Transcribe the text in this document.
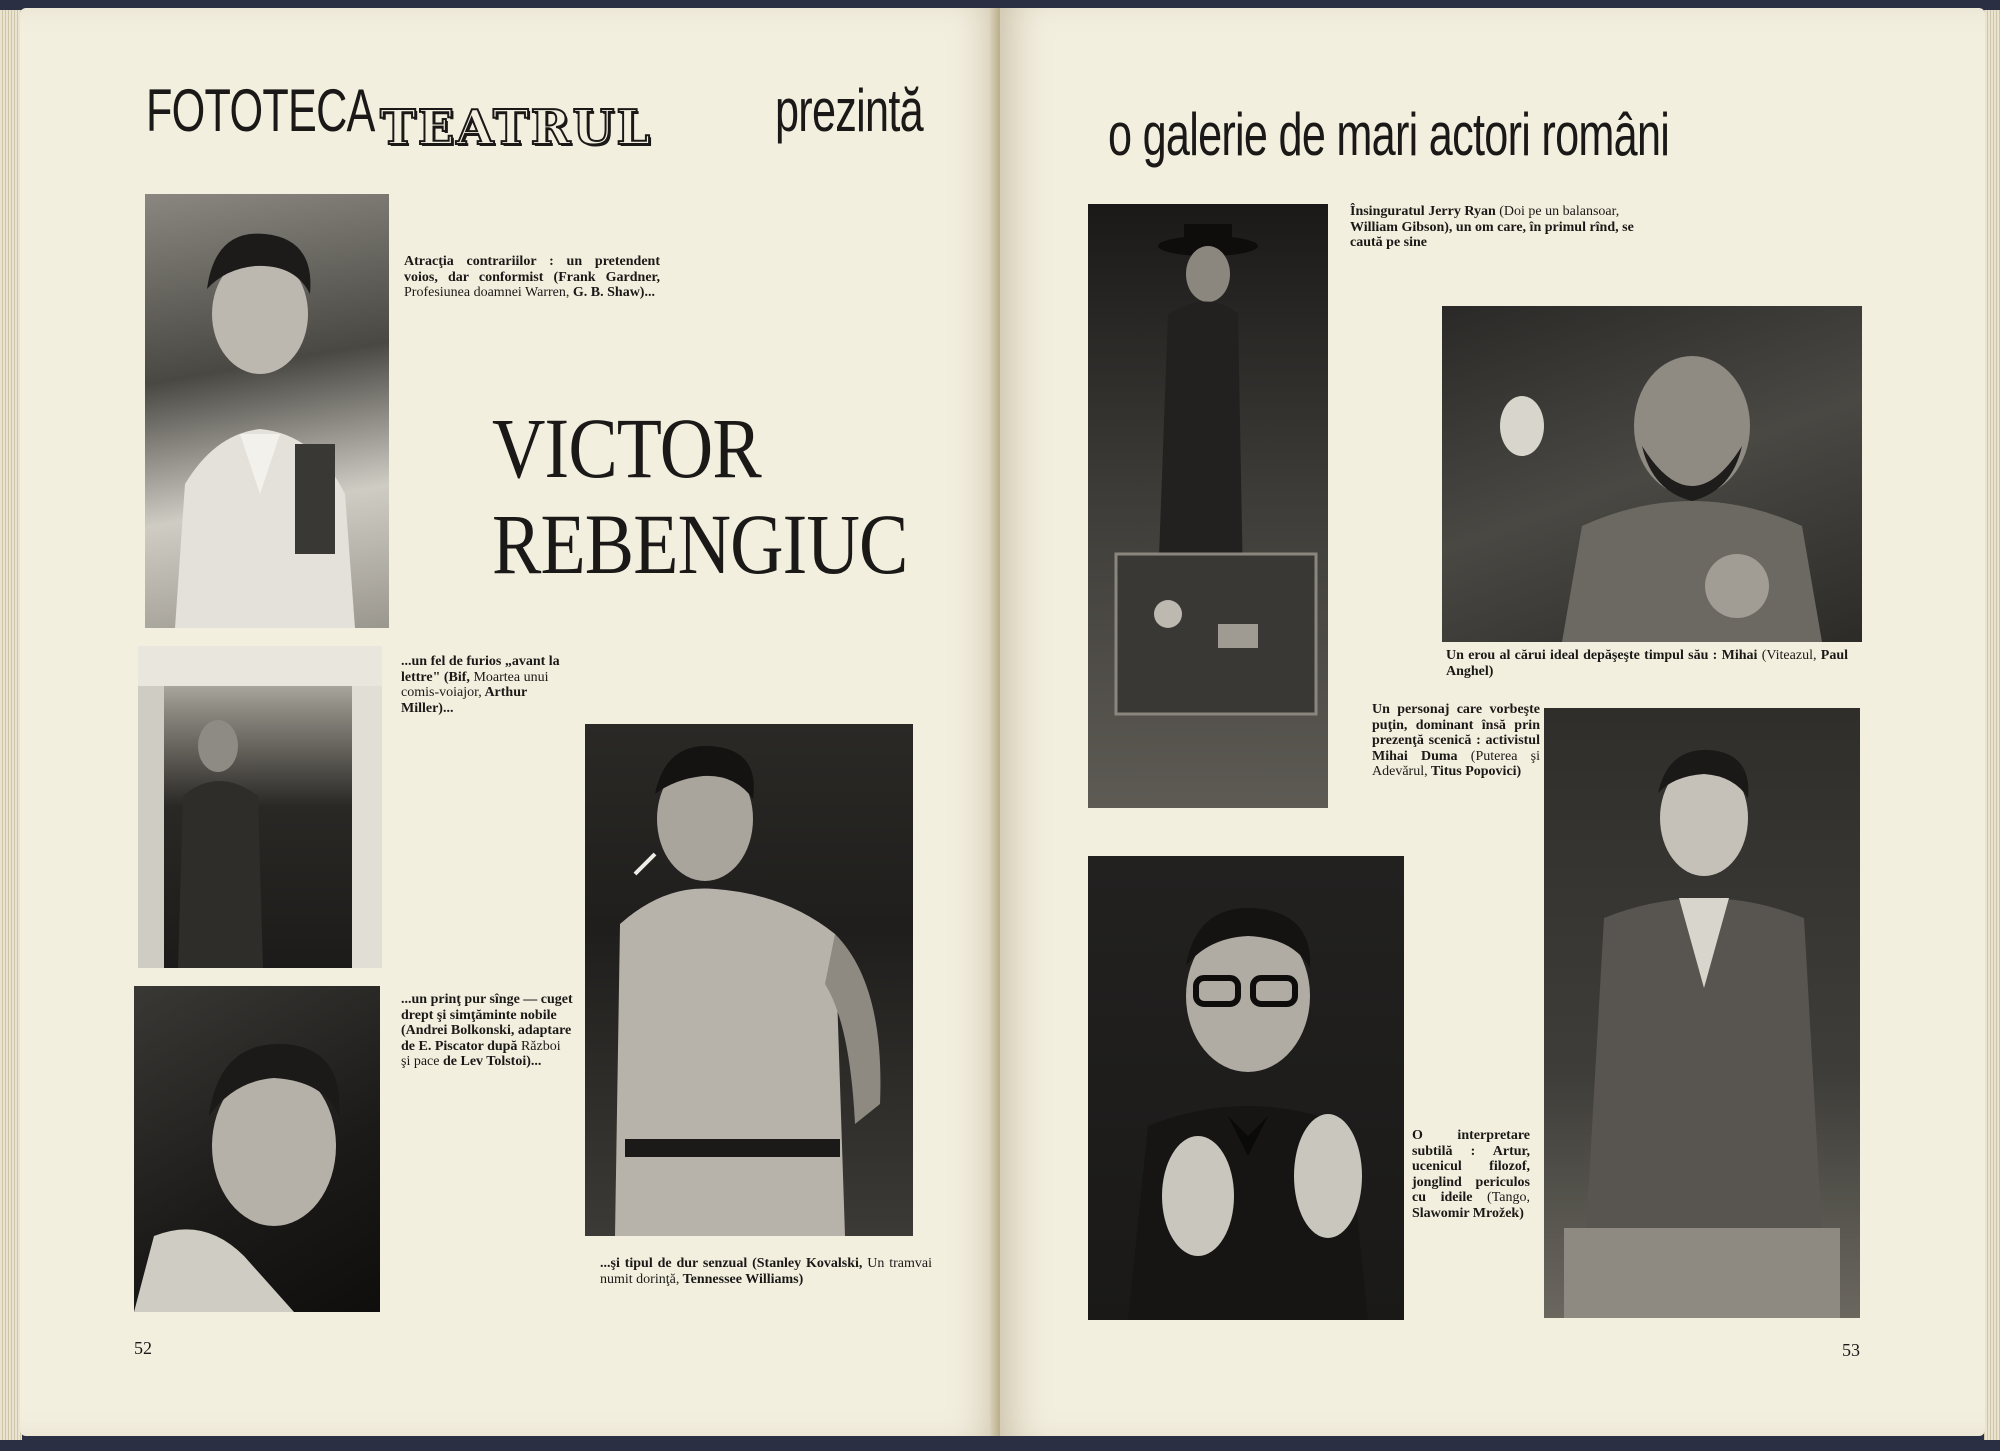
FOTOTECA TEATRUL prezintă
Atracţia contrariilor : un pretendent voios, dar conformist (Frank Gardner, Profesiunea doamnei Warren, G. B. Shaw)...
VICTOR
REBENGIUC
...un fel de furios „avant la lettre" (Bif, Moartea unui comis-voiajor, Arthur Miller)...
...un prinţ pur sînge — cuget drept şi simţăminte nobile (Andrei Bolkonski, adaptare de E. Piscator după Război şi pace de Lev Tolstoi)...
...şi tipul de dur senzual (Stanley Kovalski, Un tramvai numit dorinţă, Tennessee Williams)
52
o galerie de mari actori români
Însinguratul Jerry Ryan (Doi pe un balansoar, William Gibson), un om care, în primul rînd, se caută pe sine
Un erou al cărui ideal depăşeşte timpul său : Mihai (Viteazul, Paul Anghel)
Un personaj care vorbeşte puţin, dominant însă prin prezenţă scenică : activistul Mihai Duma (Puterea şi Adevărul, Titus Popovici)
O interpretare subtilă : Artur, ucenicul filozof, jonglind periculos cu ideile (Tango, Slawomir Mrožek)
53
